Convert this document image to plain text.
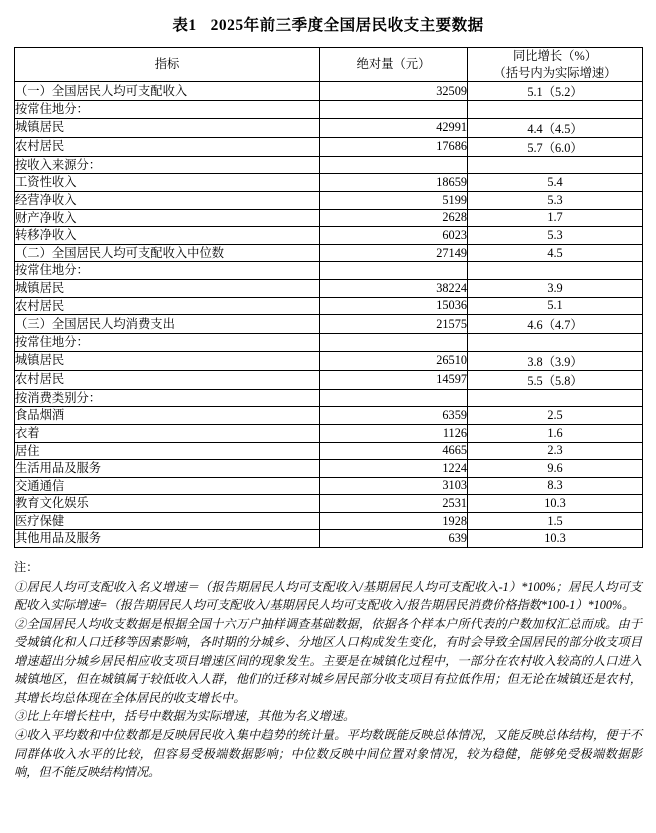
表1 2025年前三季度全国居民收支主要数据
指标	绝对量（元）	同比增长（%）
（括号内为实际增速）

（一）全国居民人均可支配收入	32509	5.1（5.2）
按常住地分：		
城镇居民	42991	4.4（4.5）
农村居民	17686	5.7（6.0）
按收入来源分：		
工资性收入	18659	5.4
经营净收入	5199	5.3
财产净收入	2628	1.7
转移净收入	6023	5.3
（二）全国居民人均可支配收入中位数	27149	4.5
按常住地分：		
城镇居民	38224	3.9
农村居民	15036	5.1
（三）全国居民人均消费支出	21575	4.6（4.7）
按常住地分：		
城镇居民	26510	3.8（3.9）
农村居民	14597	5.5（5.8）
按消费类别分：		
食品烟酒	6359	2.5
衣着	1126	1.6
居住	4665	2.3
生活用品及服务	1224	9.6
交通通信	3103	8.3
教育文化娱乐	2531	10.3
医疗保健	1928	1.5
其他用品及服务	639	10.3
注：

①居民人均可支配收入名义增速＝（报告期居民人均可支配收入/基期居民人均可支配收入-1）*100%；居民人均可支配收入实际增速=（报告期居民人均可支配收入/基期居民人均可支配收入/报告期居民消费价格指数*100-1）*100%。

②全国居民人均收支数据是根据全国十六万户抽样调查基础数据，依据各个样本户所代表的户数加权汇总而成。由于受城镇化和人口迁移等因素影响，各时期的分城乡、分地区人口构成发生变化，有时会导致全国居民的部分收支项目增速超出分城乡居民相应收支项目增速区间的现象发生。主要是在城镇化过程中，一部分在农村收入较高的人口进入城镇地区，但在城镇属于较低收入人群，他们的迁移对城乡居民部分收支项目有拉低作用；但无论在城镇还是农村，其增长均总体现在全体居民的收支增长中。

③比上年增长柱中，括号中数据为实际增速，其他为名义增速。

④收入平均数和中位数都是反映居民收入集中趋势的统计量。平均数既能反映总体情况，又能反映总体结构，便于不同群体收入水平的比较，但容易受极端数据影响；中位数反映中间位置对象情况，较为稳健，能够免受极端数据影响，但不能反映结构情况。
